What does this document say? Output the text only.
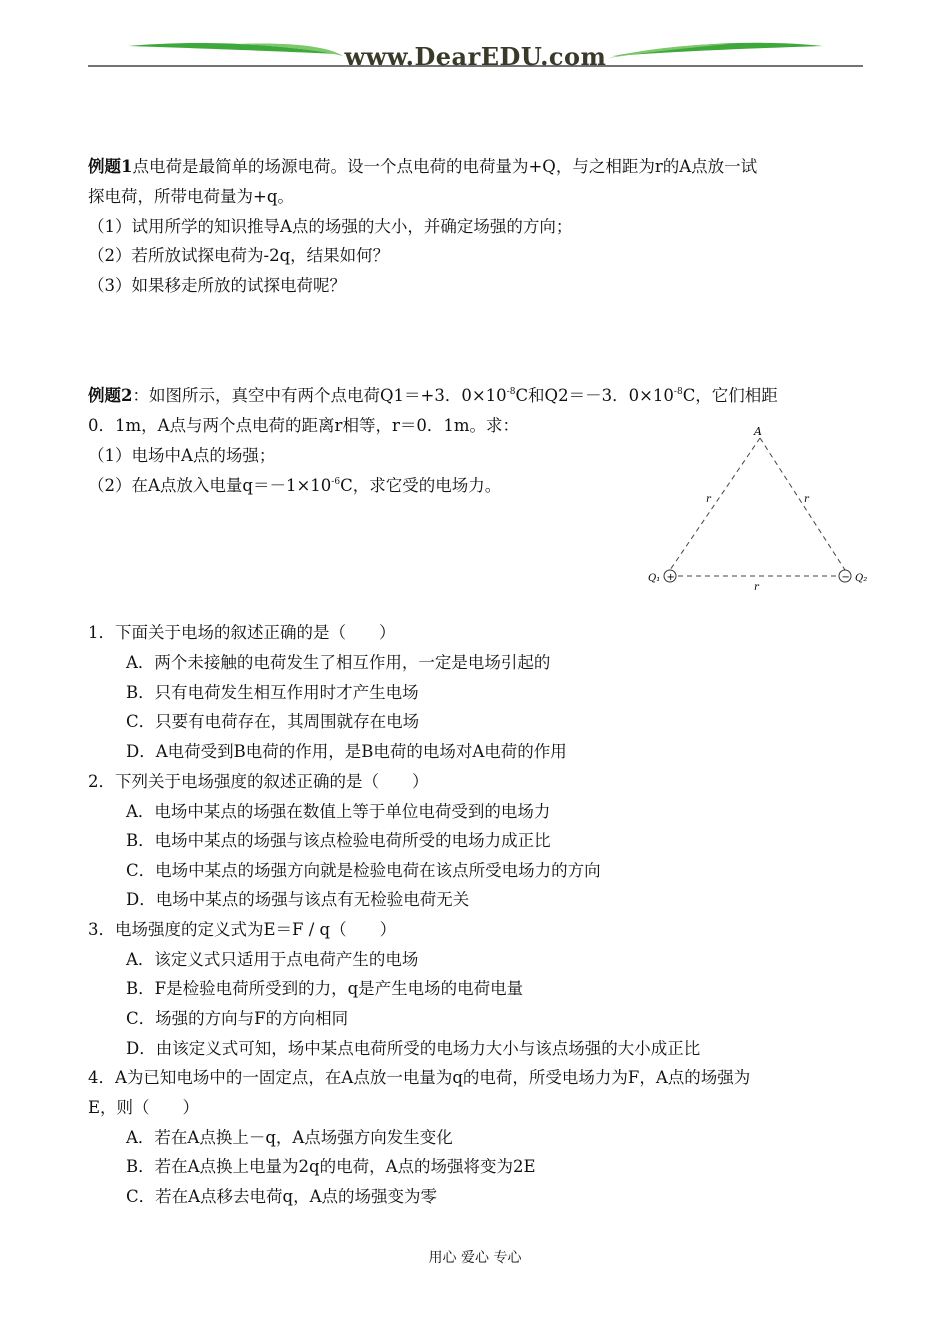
www.DearEDU.com
例题1点电荷是最简单的场源电荷。设一个点电荷的电荷量为+Q，与之相距为r的A点放一试
探电荷，所带电荷量为+q。
（1）试用所学的知识推导A点的场强的大小，并确定场强的方向；
（2）若所放试探电荷为-2q，结果如何？
（3）如果移走所放的试探电荷呢？
例题2：如图所示，真空中有两个点电荷Q1＝+3．$0\times 10^{-8}C$和Q2＝－3．$0\times 10^{-8}C$，它们相距
0．1m，A点与两个点电荷的距离r相等，r＝0．1m。求：
（1）电场中A点的场强；
（2）在A点放入电量$q=-1\times 10^{-6}C$，求它受的电场力。
A
r	r
r
+	−
Q₁	Q₂
1．下面关于电场的叙述正确的是（　　）
A．两个未接触的电荷发生了相互作用，一定是电场引起的
B．只有电荷发生相互作用时才产生电场
C．只要有电荷存在，其周围就存在电场
D．A电荷受到B电荷的作用，是B电荷的电场对A电荷的作用
2．下列关于电场强度的叙述正确的是（　　）
A．电场中某点的场强在数值上等于单位电荷受到的电场力
B．电场中某点的场强与该点检验电荷所受的电场力成正比
C．电场中某点的场强方向就是检验电荷在该点所受电场力的方向
D．电场中某点的场强与该点有无检验电荷无关
3．电场强度的定义式为E＝F / q（　　）
A．该定义式只适用于点电荷产生的电场
B．F是检验电荷所受到的力，q是产生电场的电荷电量
C．场强的方向与F的方向相同
D．由该定义式可知，场中某点电荷所受的电场力大小与该点场强的大小成正比
4．A为已知电场中的一固定点，在A点放一电量为q的电荷，所受电场力为F，A点的场强为
E，则（　　）
A．若在A点换上－q，A点场强方向发生变化
B．若在A点换上电量为2q的电荷，A点的场强将变为2E
C．若在A点移去电荷q，A点的场强变为零
用心 爱心 专心
